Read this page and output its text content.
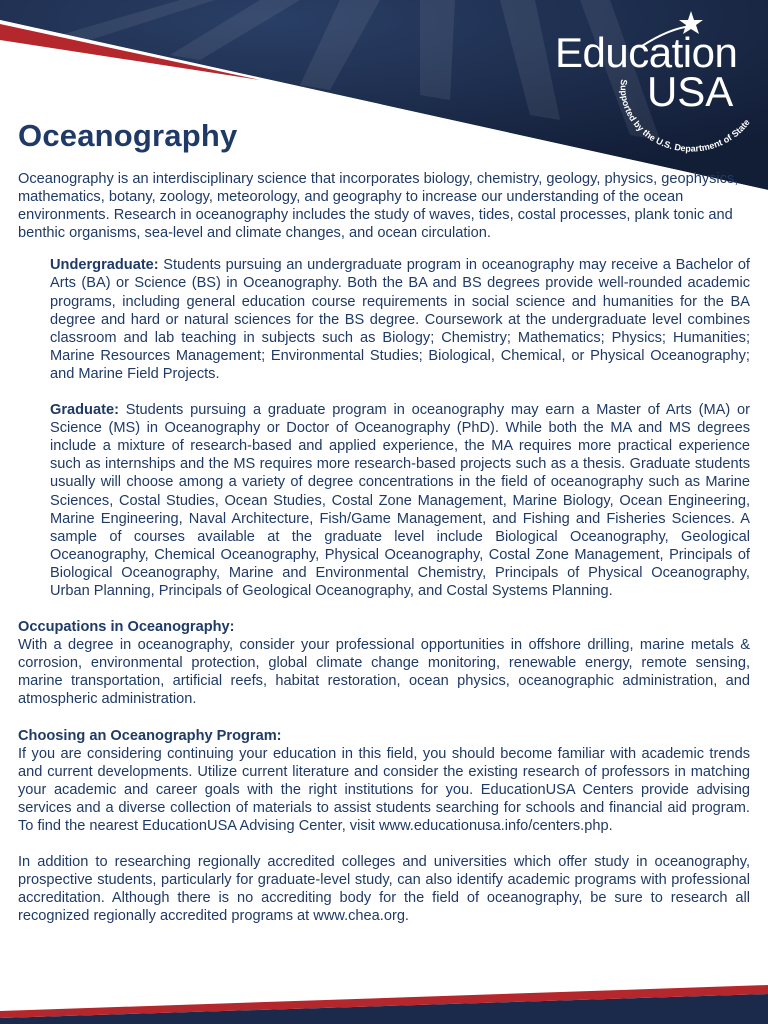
Education
USA
Supported by the U.S. Department of State
Oceanography

Oceanography is an interdisciplinary science that incorporates biology, chemistry, geology, physics, geophysics, mathematics, botany, zoology, meteorology, and geography to increase our understanding of the ocean environments. Research in oceanography includes the study of waves, tides, costal processes, plank tonic and benthic organisms, sea-level and climate changes, and ocean circulation.

Undergraduate: Students pursuing an undergraduate program in oceanography may receive a Bachelor of Arts (BA) or Science (BS) in Oceanography. Both the BA and BS degrees provide well-rounded academic programs, including general education course requirements in social science and humanities for the BA degree and hard or natural sciences for the BS degree. Coursework at the undergraduate level combines classroom and lab teaching in subjects such as Biology; Chemistry; Mathematics; Physics; Humanities; Marine Resources Management; Environmental Studies; Biological, Chemical, or Physical Oceanography; and Marine Field Projects.

Graduate: Students pursuing a graduate program in oceanography may earn a Master of Arts (MA) or Science (MS) in Oceanography or Doctor of Oceanography (PhD). While both the MA and MS degrees include a mixture of research-based and applied experience, the MA requires more practical experience such as internships and the MS requires more research-based projects such as a thesis. Graduate students usually will choose among a variety of degree concentrations in the field of oceanography such as Marine Sciences, Costal Studies, Ocean Studies, Costal Zone Management, Marine Biology, Ocean Engineering, Marine Engineering, Naval Architecture, Fish/Game Management, and Fishing and Fisheries Sciences. A sample of courses available at the graduate level include Biological Oceanography, Geological Oceanography, Chemical Oceanography, Physical Oceanography, Costal Zone Management, Principals of Biological Oceanography, Marine and Environmental Chemistry, Principals of Physical Oceanography, Urban Planning, Principals of Geological Oceanography, and Costal Systems Planning.

Occupations in Oceanography:

With a degree in oceanography, consider your professional opportunities in offshore drilling, marine metals & corrosion, environmental protection, global climate change monitoring, renewable energy, remote sensing, marine transportation, artificial reefs, habitat restoration, ocean physics, oceanographic administration, and atmospheric administration.

Choosing an Oceanography Program:

If you are considering continuing your education in this field, you should become familiar with academic trends and current developments. Utilize current literature and consider the existing research of professors in matching your academic and career goals with the right institutions for you. EducationUSA Centers provide advising services and a diverse collection of materials to assist students searching for schools and financial aid program. To find the nearest EducationUSA Advising Center, visit www.educationusa.info/centers.php.

In addition to researching regionally accredited colleges and universities which offer study in oceanography, prospective students, particularly for graduate-level study, can also identify academic programs with professional accreditation. Although there is no accrediting body for the field of oceanography, be sure to research all recognized regionally accredited programs at www.chea.org.
